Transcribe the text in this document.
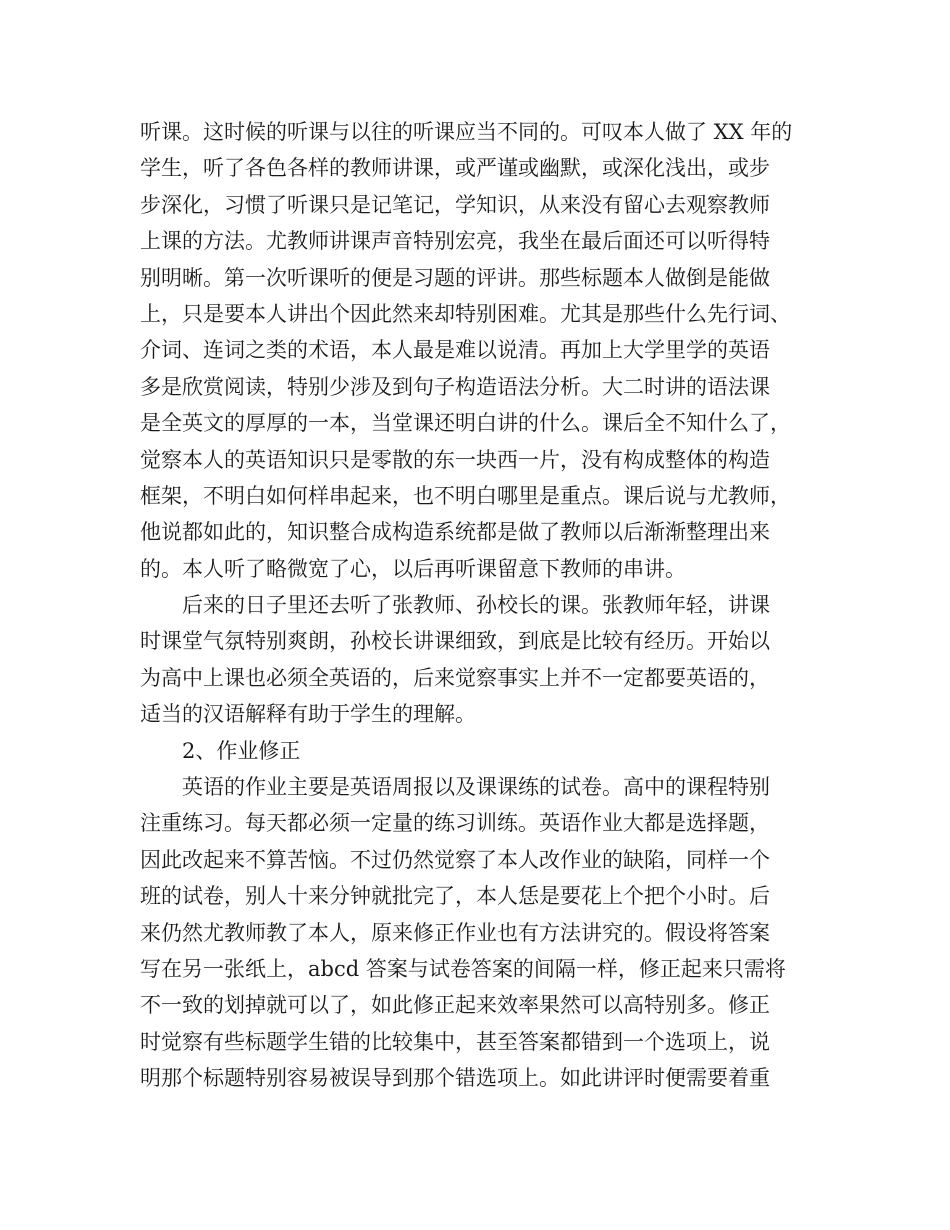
听课。这时候的听课与以往的听课应当不同的。可叹本人做了 XX 年的
学生，听了各色各样的教师讲课，或严谨或幽默，或深化浅出，或步
步深化，习惯了听课只是记笔记，学知识，从来没有留心去观察教师
上课的方法。尤教师讲课声音特别宏亮，我坐在最后面还可以听得特
别明晰。第一次听课听的便是习题的评讲。那些标题本人做倒是能做
上，只是要本人讲出个因此然来却特别困难。尤其是那些什么先行词、
介词、连词之类的术语，本人最是难以说清。再加上大学里学的英语
多是欣赏阅读，特别少涉及到句子构造语法分析。大二时讲的语法课
是全英文的厚厚的一本，当堂课还明白讲的什么。课后全不知什么了，
觉察本人的英语知识只是零散的东一块西一片，没有构成整体的构造
框架，不明白如何样串起来，也不明白哪里是重点。课后说与尤教师，
他说都如此的，知识整合成构造系统都是做了教师以后渐渐整理出来
的。本人听了略微宽了心，以后再听课留意下教师的串讲。
后来的日子里还去听了张教师、孙校长的课。张教师年轻，讲课
时课堂气氛特别爽朗，孙校长讲课细致，到底是比较有经历。开始以
为高中上课也必须全英语的，后来觉察事实上并不一定都要英语的，
适当的汉语解释有助于学生的理解。
2、作业修正
英语的作业主要是英语周报以及课课练的试卷。高中的课程特别
注重练习。每天都必须一定量的练习训练。英语作业大都是选择题，
因此改起来不算苦恼。不过仍然觉察了本人改作业的缺陷，同样一个
班的试卷，别人十来分钟就批完了，本人恁是要花上个把个小时。后
来仍然尤教师教了本人，原来修正作业也有方法讲究的。假设将答案
写在另一张纸上，abcd 答案与试卷答案的间隔一样，修正起来只需将
不一致的划掉就可以了，如此修正起来效率果然可以高特别多。修正
时觉察有些标题学生错的比较集中，甚至答案都错到一个选项上，说
明那个标题特别容易被误导到那个错选项上。如此讲评时便需要着重
